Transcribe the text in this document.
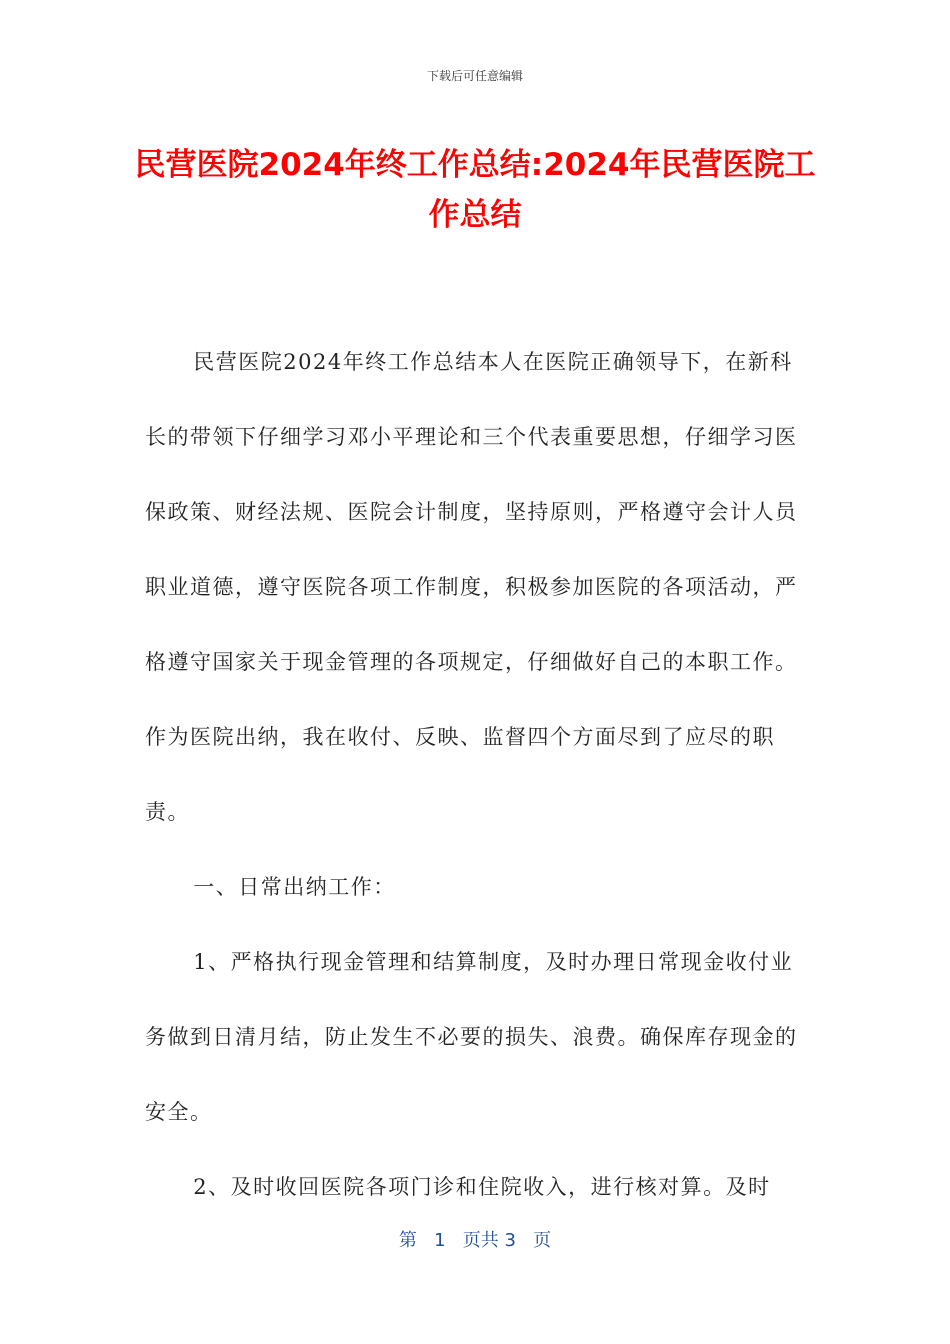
下载后可任意编辑
民营医院2024年终工作总结:2024年民营医院工作总结

民营医院2024年终工作总结本人在医院正确领导下，在新科长的带领下仔细学习邓小平理论和三个代表重要思想，仔细学习医保政策、财经法规、医院会计制度，坚持原则，严格遵守会计人员职业道德，遵守医院各项工作制度，积极参加医院的各项活动，严格遵守国家关于现金管理的各项规定，仔细做好自己的本职工作。作为医院出纳，我在收付、反映、监督四个方面尽到了应尽的职责。

一、日常出纳工作：

1、严格执行现金管理和结算制度，及时办理日常现金收付业务做到日清月结，防止发生不必要的损失、浪费。确保库存现金的安全。

2、及时收回医院各项门诊和住院收入，进行核对算。及时

第 1 页共 3 页
